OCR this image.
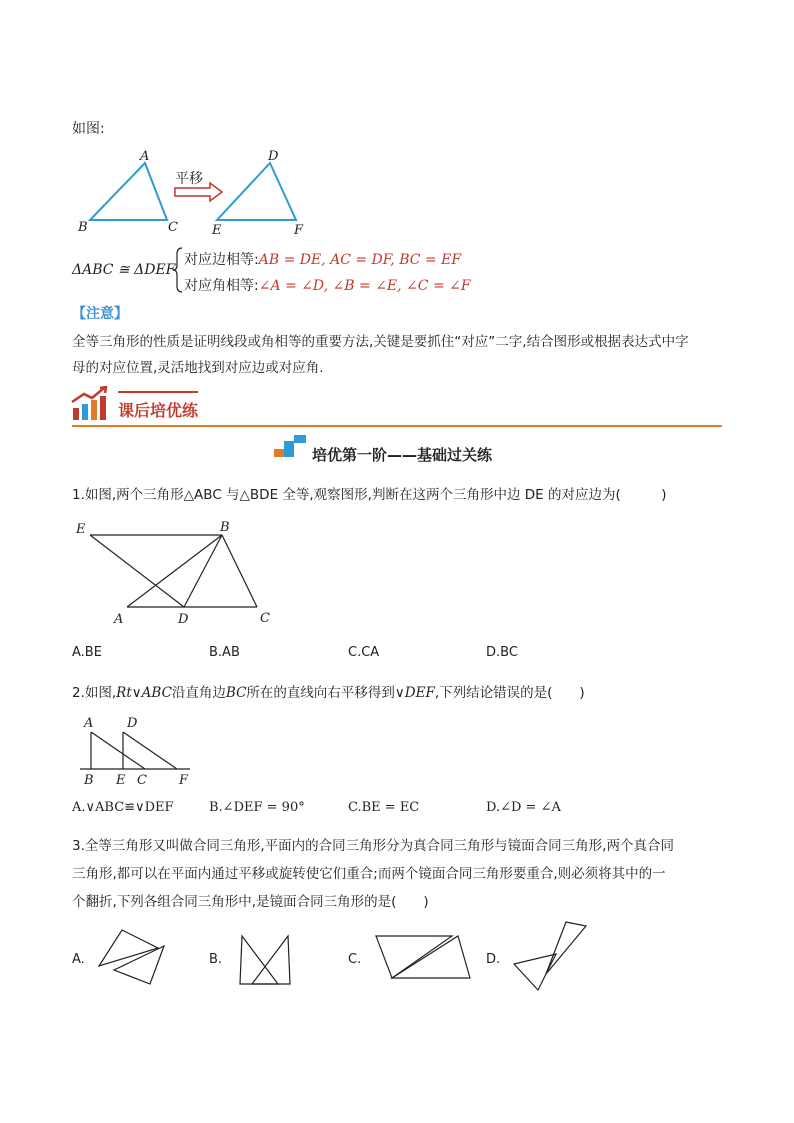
如图:
A
B	C
D
E	F
平移
ΔABC ≅ ΔDEF
对应边相等:AB = DE, AC = DF, BC = EF
对应角相等:∠A = ∠D, ∠B = ∠E, ∠C = ∠F
【注意】
全等三角形的性质是证明线段或角相等的重要方法,关键是要抓住“对应”二字,结合图形或根据表达式中字
母的对应位置,灵活地找到对应边或对应角.
课后培优练
培优第一阶——基础过关练
1.如图,两个三角形△ABC 与△BDE 全等,观察图形,判断在这两个三角形中边 DE 的对应边为(　　　)
E	B
A	D	C
A.BE	B.AB	C.CA	D.BC
2.如图,Rt∨ABC沿直角边BC所在的直线向右平移得到∨DEF,下列结论错误的是(　　)
A	D
B E C F
A.∨ABC≌∨DEF	B.∠DEF = 90°	C.BE = EC	D.∠D = ∠A
3.全等三角形又叫做合同三角形,平面内的合同三角形分为真合同三角形与镜面合同三角形,两个真合同
三角形,都可以在平面内通过平移或旋转使它们重合;而两个镜面合同三角形要重合,则必须将其中的一
个翻折,下列各组合同三角形中,是镜面合同三角形的是(　　)
A.	B.	C.	D.
